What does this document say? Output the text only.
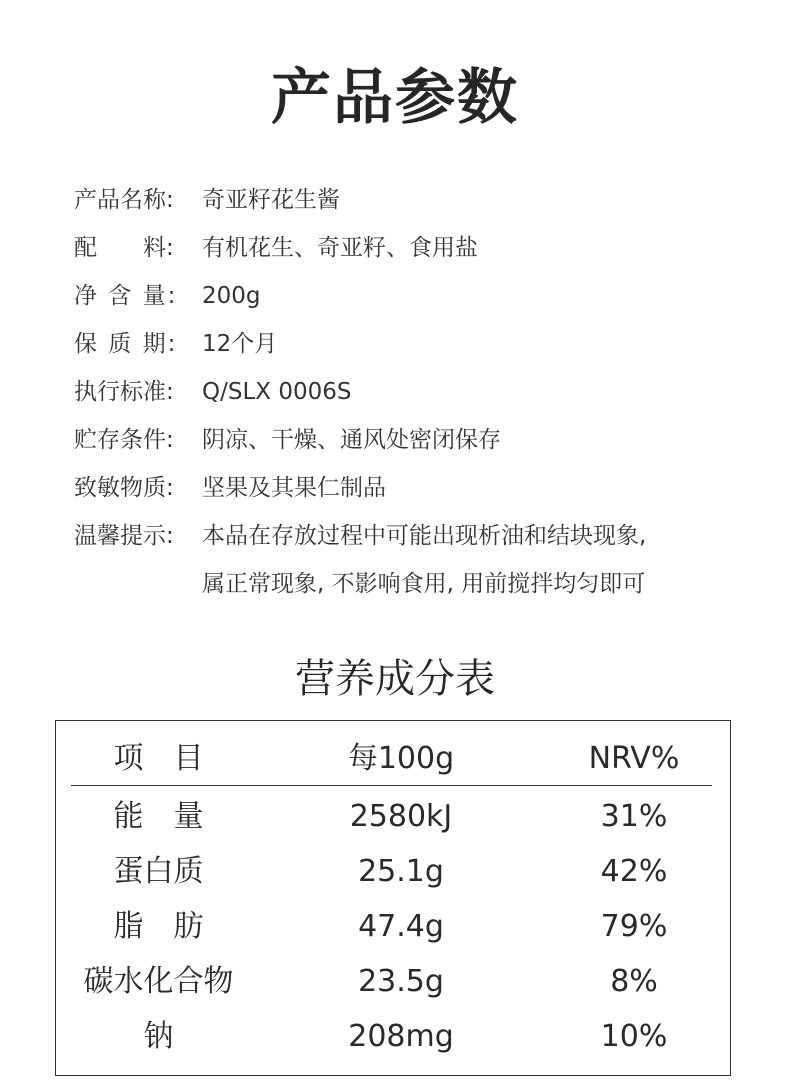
产品参数
产品名称:	奇亚籽花生酱
配　　料:	有机花生、奇亚籽、食用盐
净 含 量:	200g
保 质 期:	12个月
执行标准:	Q/SLX 0006S
贮存条件:	阴凉、干燥、通风处密闭保存
致敏物质:	坚果及其果仁制品
温馨提示:	本品在存放过程中可能出现析油和结块现象,
属正常现象, 不影响食用, 用前搅拌均匀即可
营养成分表
项　目	每100g	NRV%
能　量	2580kJ	31%
蛋白质	25.1g	42%
脂　肪	47.4g	79%
碳水化合物	23.5g	8%
钠	208mg	10%
